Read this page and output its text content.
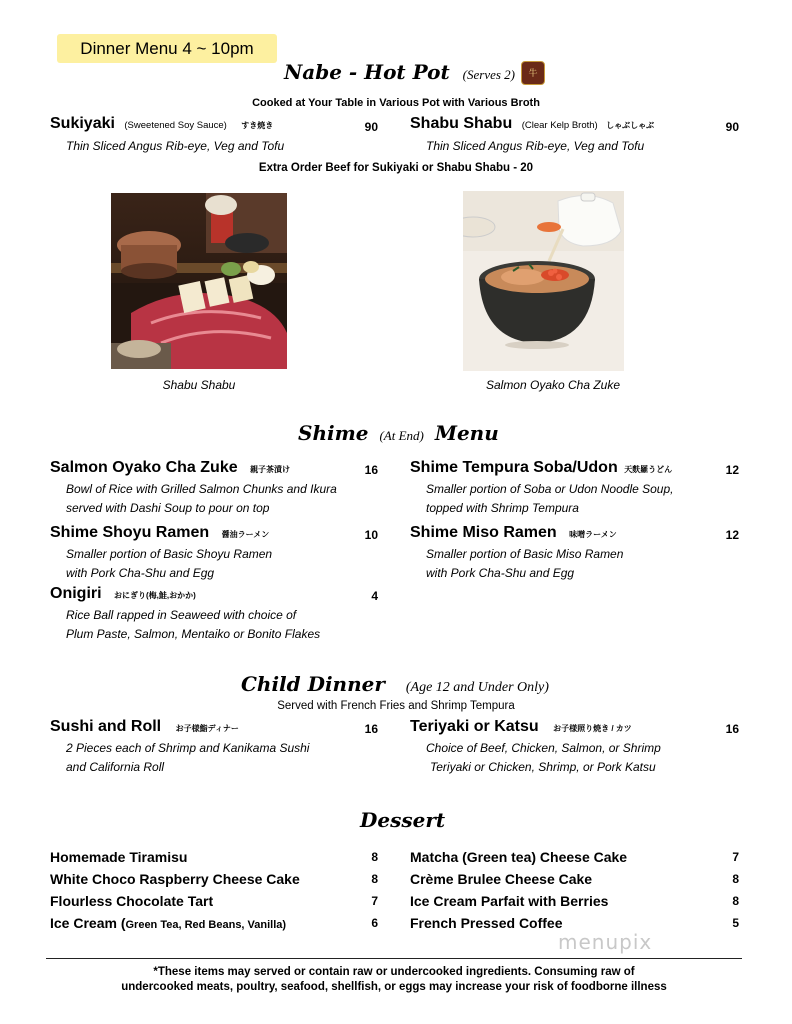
Dinner Menu 4 ~ 10pm
Nabe - Hot Pot (Serves 2)	牛
Cooked at Your Table in Various Pot with Various Broth
Sukiyaki (Sweetened Soy Sauce) すき焼き	90
Thin Sliced Angus Rib-eye, Veg and Tofu
Shabu Shabu (Clear Kelp Broth) しゃぶしゃぶ	90
Thin Sliced Angus Rib-eye, Veg and Tofu
Extra Order Beef for Sukiyaki or Shabu Shabu - 20
Shabu Shabu	Salmon Oyako Cha Zuke
Shime (At End) Menu
Salmon Oyako Cha Zuke 親子茶漬け	16
Bowl of Rice with Grilled Salmon Chunks and Ikura
served with Dashi Soup to pour on top
Shime Tempura Soba/Udon 天麩羅うどん	12
Smaller portion of Soba or Udon Noodle Soup,
topped with Shrimp Tempura
Shime Shoyu Ramen 醤油ラーメン	10
Smaller portion of Basic Shoyu Ramen
with Pork Cha-Shu and Egg
Shime Miso Ramen 味噌ラーメン	12
Smaller portion of Basic Miso Ramen
with Pork Cha-Shu and Egg
Onigiri おにぎり(梅,鮭,おかか)	4
Rice Ball rapped in Seaweed with choice of
Plum Paste, Salmon, Mentaiko or Bonito Flakes
Child Dinner (Age 12 and Under Only)
Served with French Fries and Shrimp Tempura
Sushi and Roll お子様鮨ディナー	16
2 Pieces each of Shrimp and Kanikama Sushi
and California Roll
Teriyaki or Katsu お子様照り焼き / カツ	16
Choice of Beef, Chicken, Salmon, or Shrimp
Teriyaki or Chicken, Shrimp, or Pork Katsu
Dessert
Homemade Tiramisu	8
White Choco Raspberry Cheese Cake	8
Flourless Chocolate Tart	7
Ice Cream (Green Tea, Red Beans, Vanilla)	6
Matcha (Green tea) Cheese Cake	7
Crème Brulee Cheese Cake	8
Ice Cream Parfait with Berries	8
French Pressed Coffee	5
menupix
*These items may served or contain raw or undercooked ingredients. Consuming raw of
undercooked meats, poultry, seafood, shellfish, or eggs may increase your risk of foodborne illness
